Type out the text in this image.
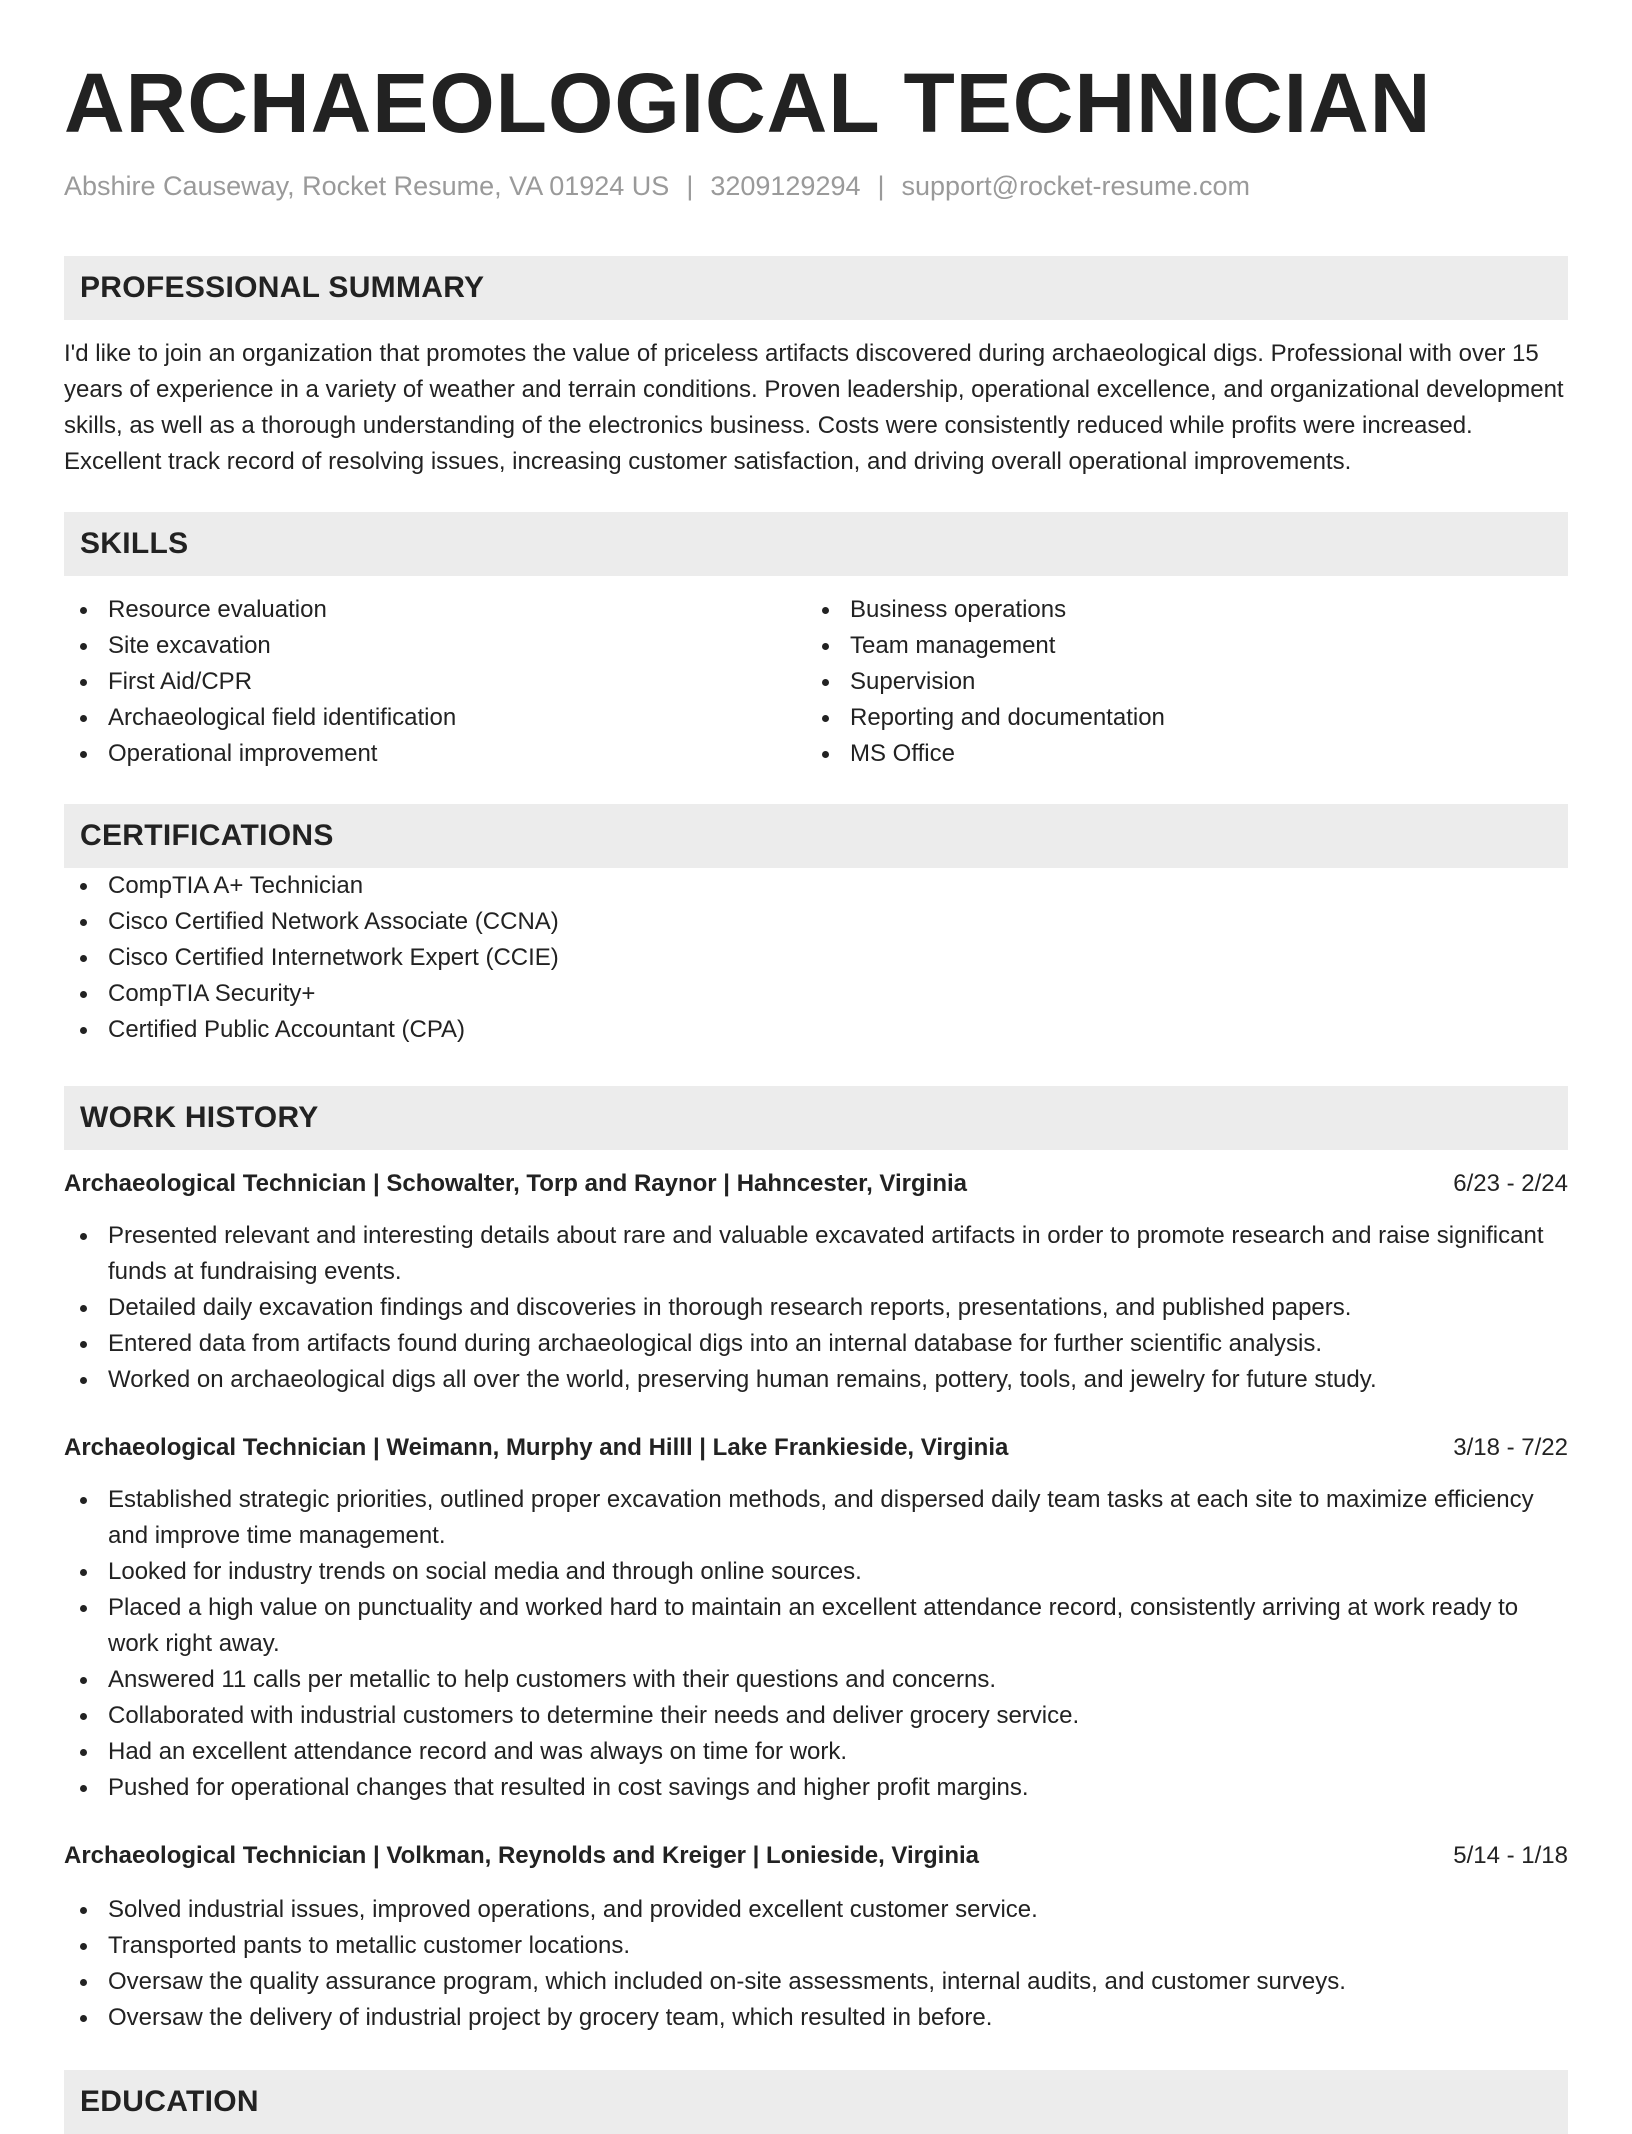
ARCHAEOLOGICAL TECHNICIAN
Abshire Causeway, Rocket Resume, VA 01924 US | 3209129294 | support@rocket-resume.com
PROFESSIONAL SUMMARY

I'd like to join an organization that promotes the value of priceless artifacts discovered during archaeological digs. Professional with over 15 years of experience in a variety of weather and terrain conditions. Proven leadership, operational excellence, and organizational development skills, as well as a thorough understanding of the electronics business. Costs were consistently reduced while profits were increased. Excellent track record of resolving issues, increasing customer satisfaction, and driving overall operational improvements.

SKILLS
Resource evaluation
Site excavation
First Aid/CPR
Archaeological field identification
Operational improvement
Business operations
Team management
Supervision
Reporting and documentation
MS Office
CERTIFICATIONS
CompTIA A+ Technician
Cisco Certified Network Associate (CCNA)
Cisco Certified Internetwork Expert (CCIE)
CompTIA Security+
Certified Public Accountant (CPA)
WORK HISTORY
Archaeological Technician | Schowalter, Torp and Raynor | Hahncester, Virginia	6/23 - 2/24
Presented relevant and interesting details about rare and valuable excavated artifacts in order to promote research and raise significant funds at fundraising events.
Detailed daily excavation findings and discoveries in thorough research reports, presentations, and published papers.
Entered data from artifacts found during archaeological digs into an internal database for further scientific analysis.
Worked on archaeological digs all over the world, preserving human remains, pottery, tools, and jewelry for future study.
Archaeological Technician | Weimann, Murphy and Hilll | Lake Frankieside, Virginia	3/18 - 7/22
Established strategic priorities, outlined proper excavation methods, and dispersed daily team tasks at each site to maximize efficiency and improve time management.
Looked for industry trends on social media and through online sources.
Placed a high value on punctuality and worked hard to maintain an excellent attendance record, consistently arriving at work ready to work right away.
Answered 11 calls per metallic to help customers with their questions and concerns.
Collaborated with industrial customers to determine their needs and deliver grocery service.
Had an excellent attendance record and was always on time for work.
Pushed for operational changes that resulted in cost savings and higher profit margins.
Archaeological Technician | Volkman, Reynolds and Kreiger | Lonieside, Virginia	5/14 - 1/18
Solved industrial issues, improved operations, and provided excellent customer service.
Transported pants to metallic customer locations.
Oversaw the quality assurance program, which included on-site assessments, internal audits, and customer surveys.
Oversaw the delivery of industrial project by grocery team, which resulted in before.
EDUCATION
